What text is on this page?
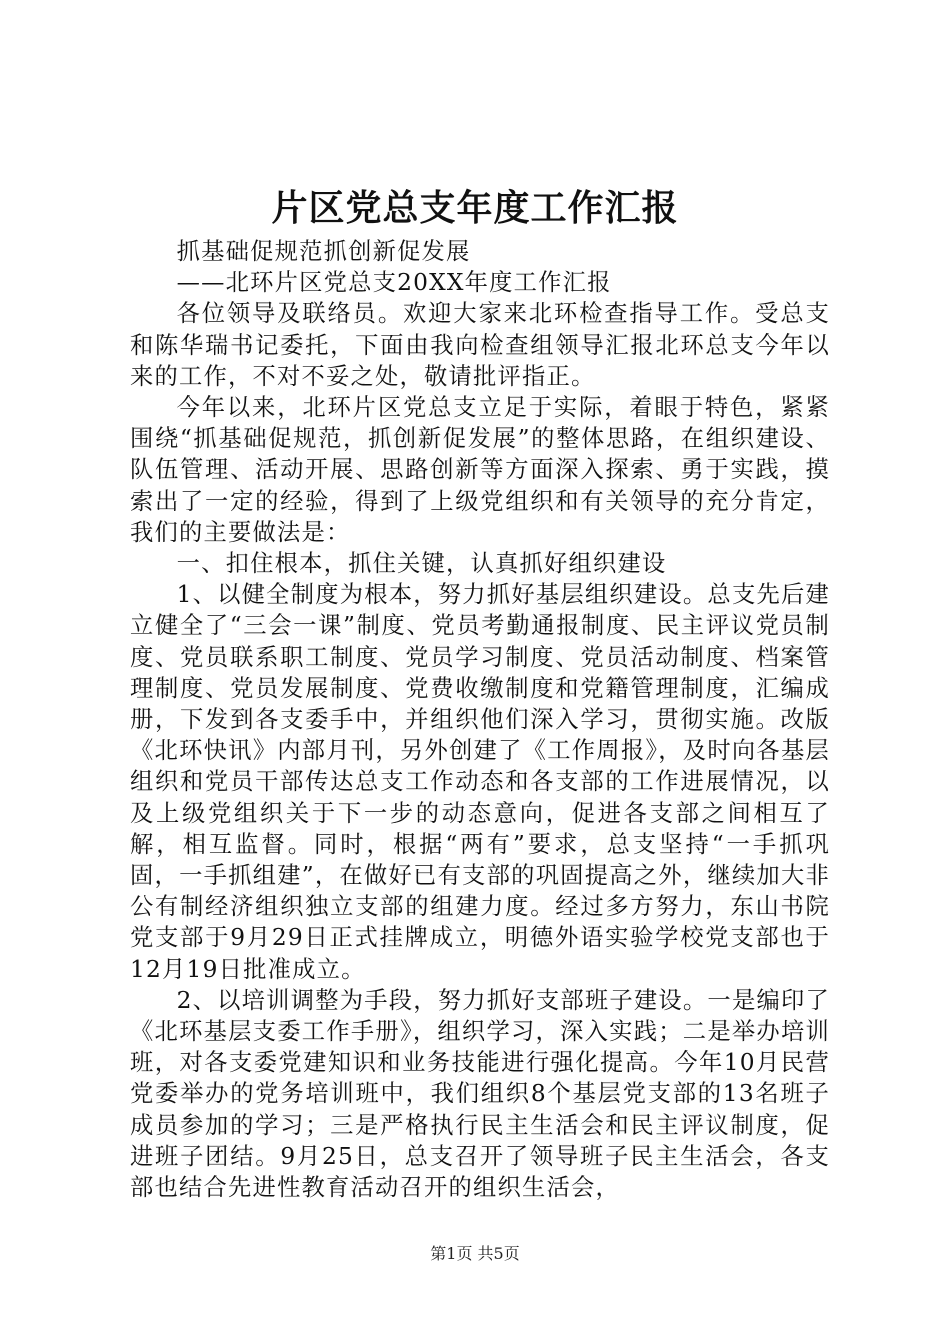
片区党总支年度工作汇报

抓基础促规范抓创新促发展

——北环片区党总支20XX年度工作汇报

各位领导及联络员。欢迎大家来北环检查指导工作。受总支和陈华瑞书记委托，下面由我向检查组领导汇报北环总支今年以来的工作，不对不妥之处，敬请批评指正。

今年以来，北环片区党总支立足于实际，着眼于特色，紧紧围绕“抓基础促规范，抓创新促发展”的整体思路，在组织建设、队伍管理、活动开展、思路创新等方面深入探索、勇于实践，摸索出了一定的经验，得到了上级党组织和有关领导的充分肯定，我们的主要做法是：

一、扣住根本，抓住关键，认真抓好组织建设

1、以健全制度为根本，努力抓好基层组织建设。总支先后建立健全了“三会一课”制度、党员考勤通报制度、民主评议党员制度、党员联系职工制度、党员学习制度、党员活动制度、档案管理制度、党员发展制度、党费收缴制度和党籍管理制度，汇编成册，下发到各支委手中，并组织他们深入学习，贯彻实施。改版《北环快讯》内部月刊，另外创建了《工作周报》，及时向各基层组织和党员干部传达总支工作动态和各支部的工作进展情况，以及上级党组织关于下一步的动态意向，促进各支部之间相互了解，相互监督。同时，根据“两有”要求，总支坚持“一手抓巩固，一手抓组建”，在做好已有支部的巩固提高之外，继续加大非公有制经济组织独立支部的组建力度。经过多方努力，东山书院党支部于9月29日正式挂牌成立，明德外语实验学校党支部也于12月19日批准成立。

2、以培训调整为手段，努力抓好支部班子建设。一是编印了《北环基层支委工作手册》，组织学习，深入实践；二是举办培训班，对各支委党建知识和业务技能进行强化提高。今年10月民营党委举办的党务培训班中，我们组织8个基层党支部的13名班子成员参加的学习；三是严格执行民主生活会和民主评议制度，促进班子团结。9月25日，总支召开了领导班子民主生活会，各支部也结合先进性教育活动召开的组织生活会，

第1页 共5页
